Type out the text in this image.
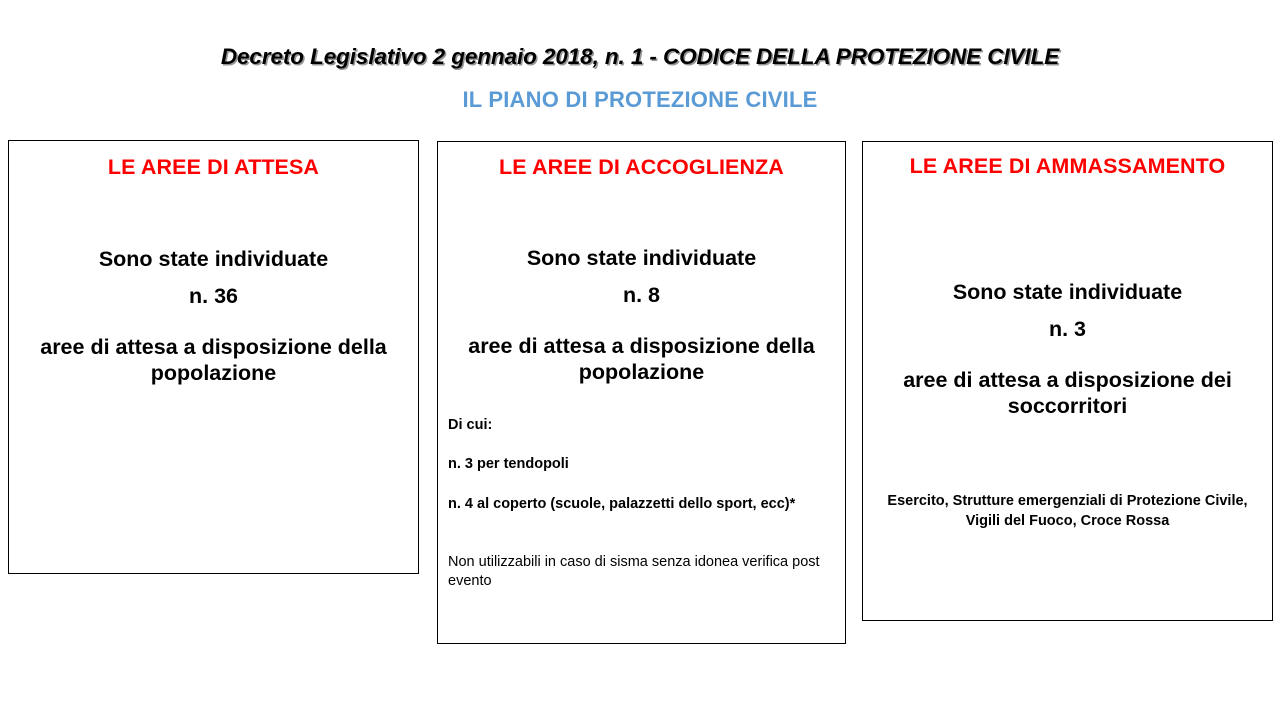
Decreto Legislativo 2 gennaio 2018, n. 1 - CODICE DELLA PROTEZIONE CIVILE
IL PIANO DI PROTEZIONE CIVILE
LE AREE DI ATTESA
Sono state individuate
n. 36
aree di attesa a disposizione della popolazione
LE AREE DI ACCOGLIENZA
Sono state individuate
n. 8
aree di attesa a disposizione della popolazione
Di cui:
n. 3 per tendopoli
n. 4 al coperto (scuole, palazzetti dello sport, ecc)*
Non utilizzabili in caso di sisma senza idonea verifica post evento
LE AREE DI AMMASSAMENTO
Sono state individuate
n. 3
aree di attesa a disposizione dei soccorritori
Esercito, Strutture emergenziali di Protezione Civile, Vigili del Fuoco, Croce Rossa
